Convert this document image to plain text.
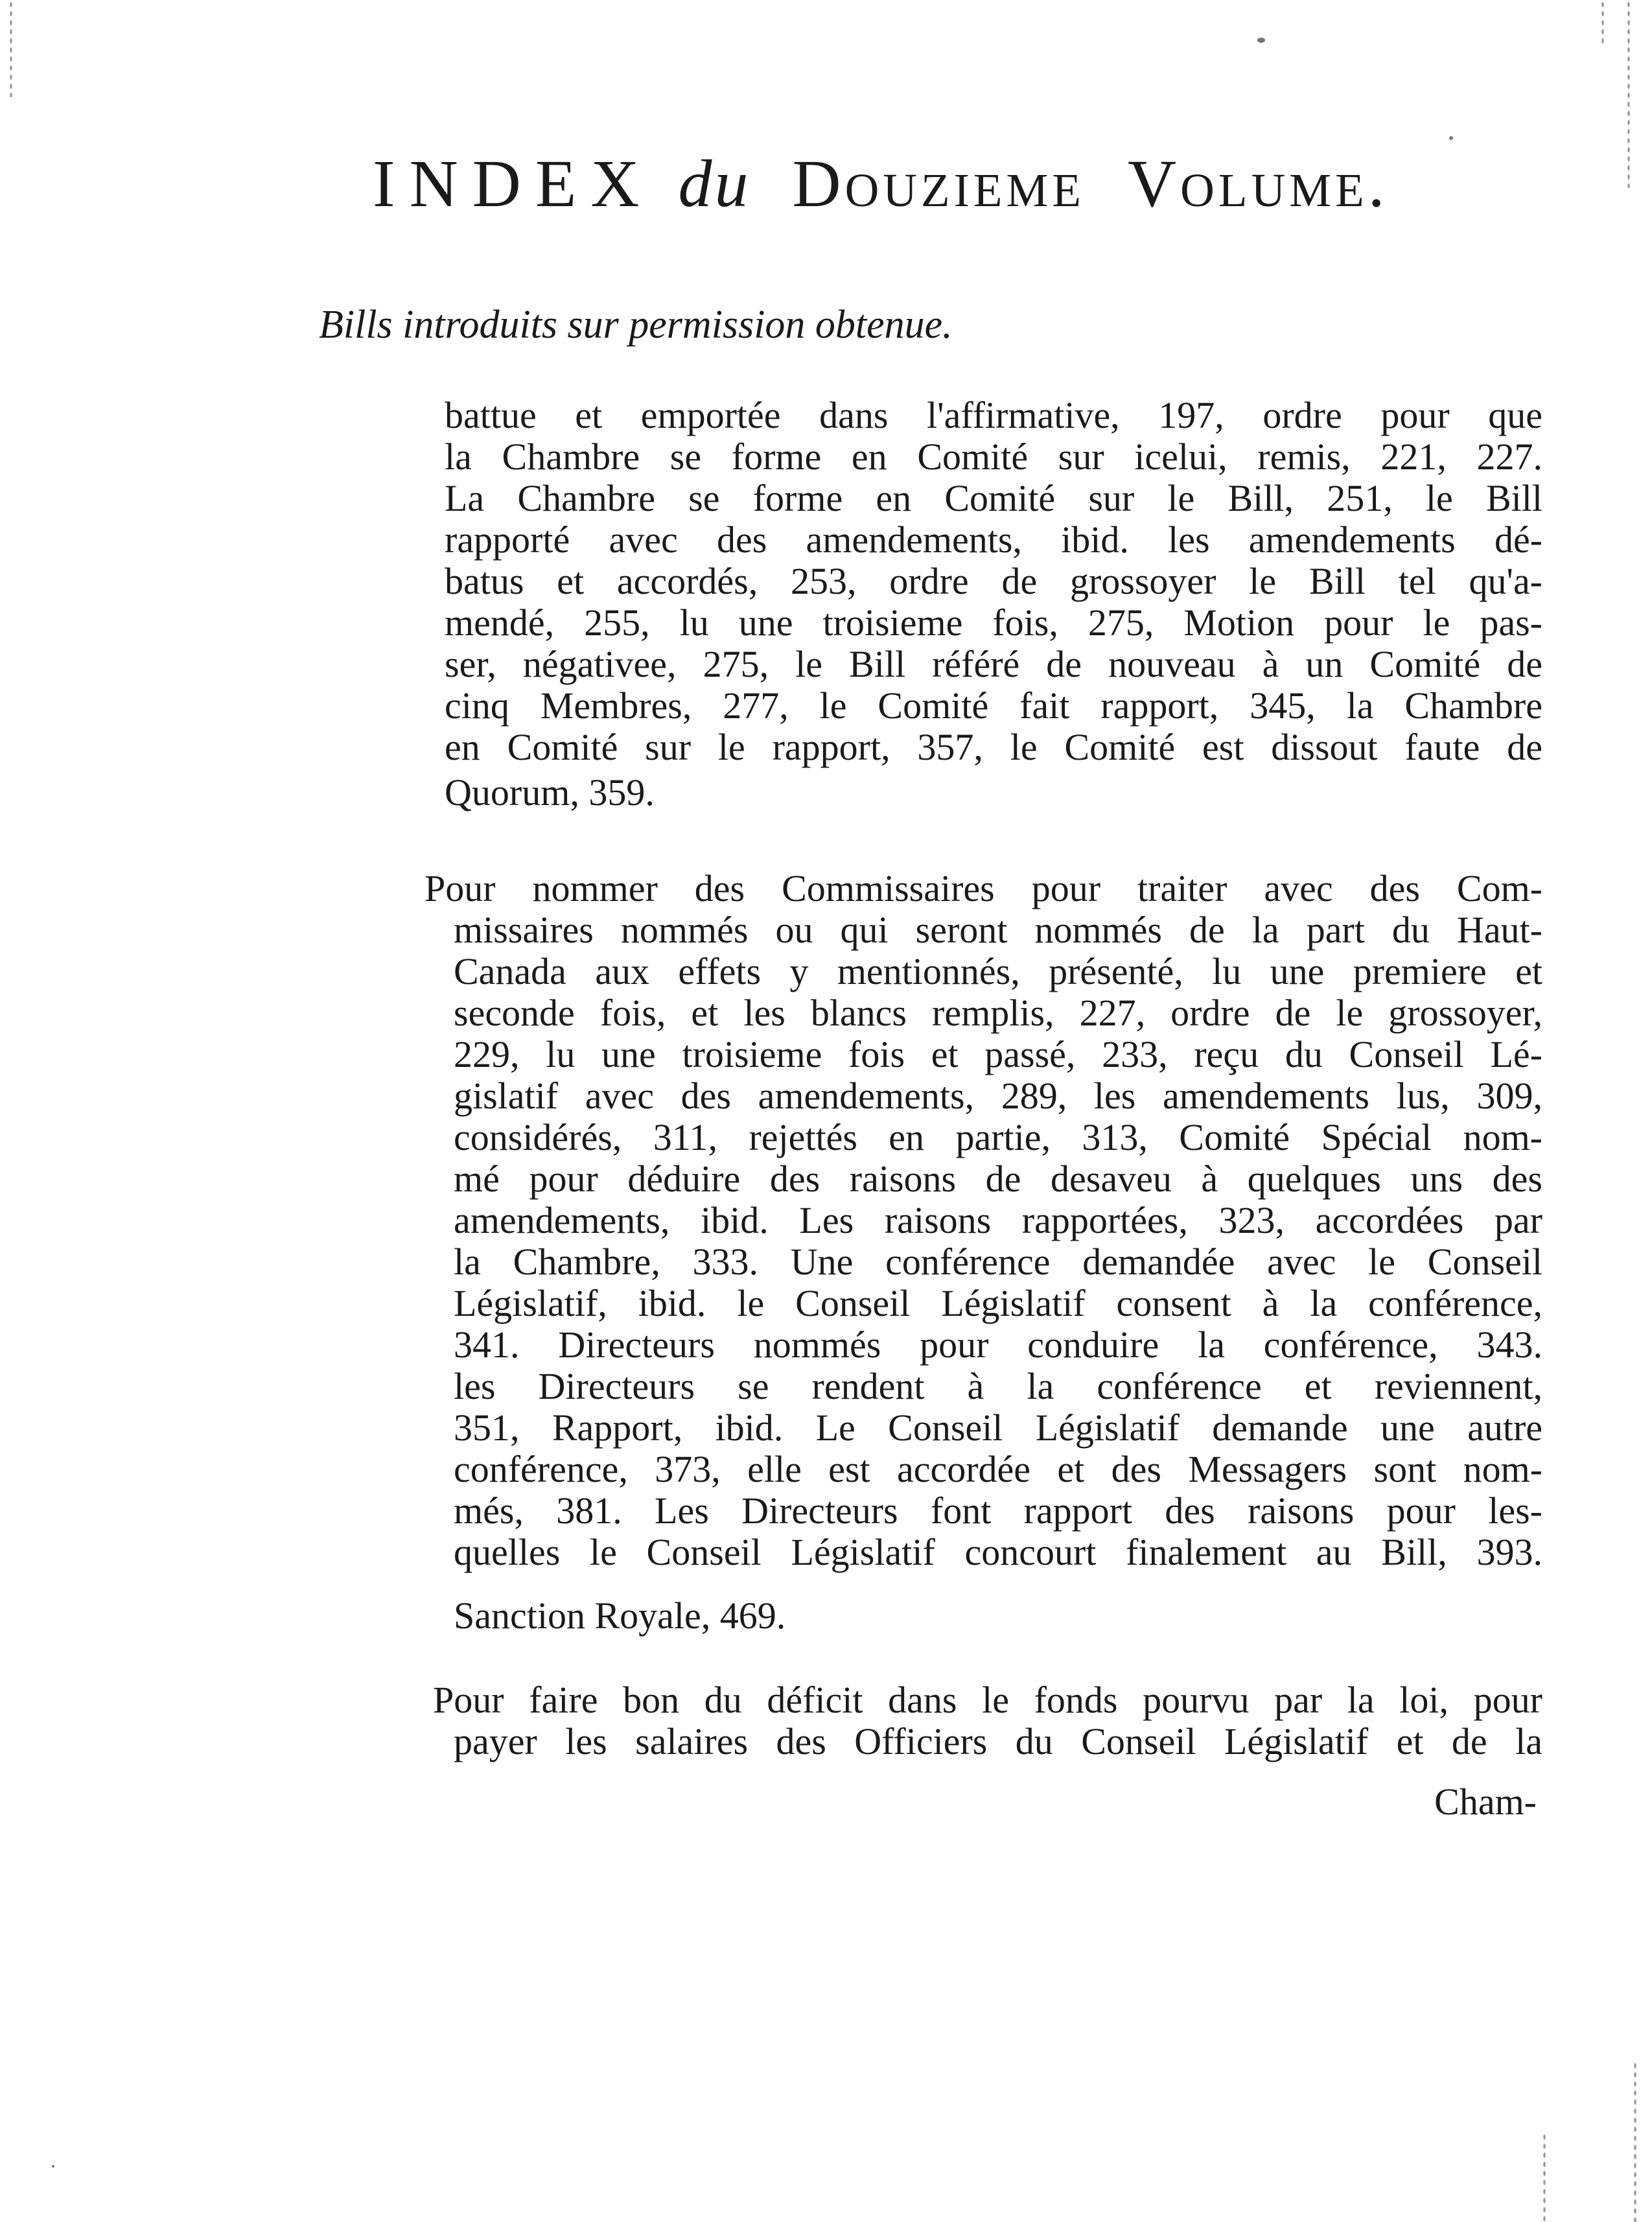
INDEX du Douzieme Volume.
Bills introduits sur permission obtenue.
battue et emportée dans l'affirmative, 197, ordre pour que
la Chambre se forme en Comité sur icelui, remis, 221, 227.
La Chambre se forme en Comité sur le Bill, 251, le Bill
rapporté avec des amendements, ibid. les amendements dé-
batus et accordés, 253, ordre de grossoyer le Bill tel qu'a-
mendé, 255, lu une troisieme fois, 275, Motion pour le pas-
ser, négativee, 275, le Bill référé de nouveau à un Comité de
cinq Membres, 277, le Comité fait rapport, 345, la Chambre
en Comité sur le rapport, 357, le Comité est dissout faute de
Quorum, 359.
Pour nommer des Commissaires pour traiter avec des Com-
missaires nommés ou qui seront nommés de la part du Haut-
Canada aux effets y mentionnés, présenté, lu une premiere et
seconde fois, et les blancs remplis, 227, ordre de le grossoyer,
229, lu une troisieme fois et passé, 233, reçu du Conseil Lé-
gislatif avec des amendements, 289, les amendements lus, 309,
considérés, 311, rejettés en partie, 313, Comité Spécial nom-
mé pour déduire des raisons de desaveu à quelques uns des
amendements, ibid. Les raisons rapportées, 323, accordées par
la Chambre, 333. Une conférence demandée avec le Conseil
Législatif, ibid. le Conseil Législatif consent à la conférence,
341. Directeurs nommés pour conduire la conférence, 343.
les Directeurs se rendent à la conférence et reviennent,
351, Rapport, ibid. Le Conseil Législatif demande une autre
conférence, 373, elle est accordée et des Messagers sont nom-
més, 381. Les Directeurs font rapport des raisons pour les-
quelles le Conseil Législatif concourt finalement au Bill, 393.
Sanction Royale, 469.
Pour faire bon du déficit dans le fonds pourvu par la loi, pour
payer les salaires des Officiers du Conseil Législatif et de la
Cham-
